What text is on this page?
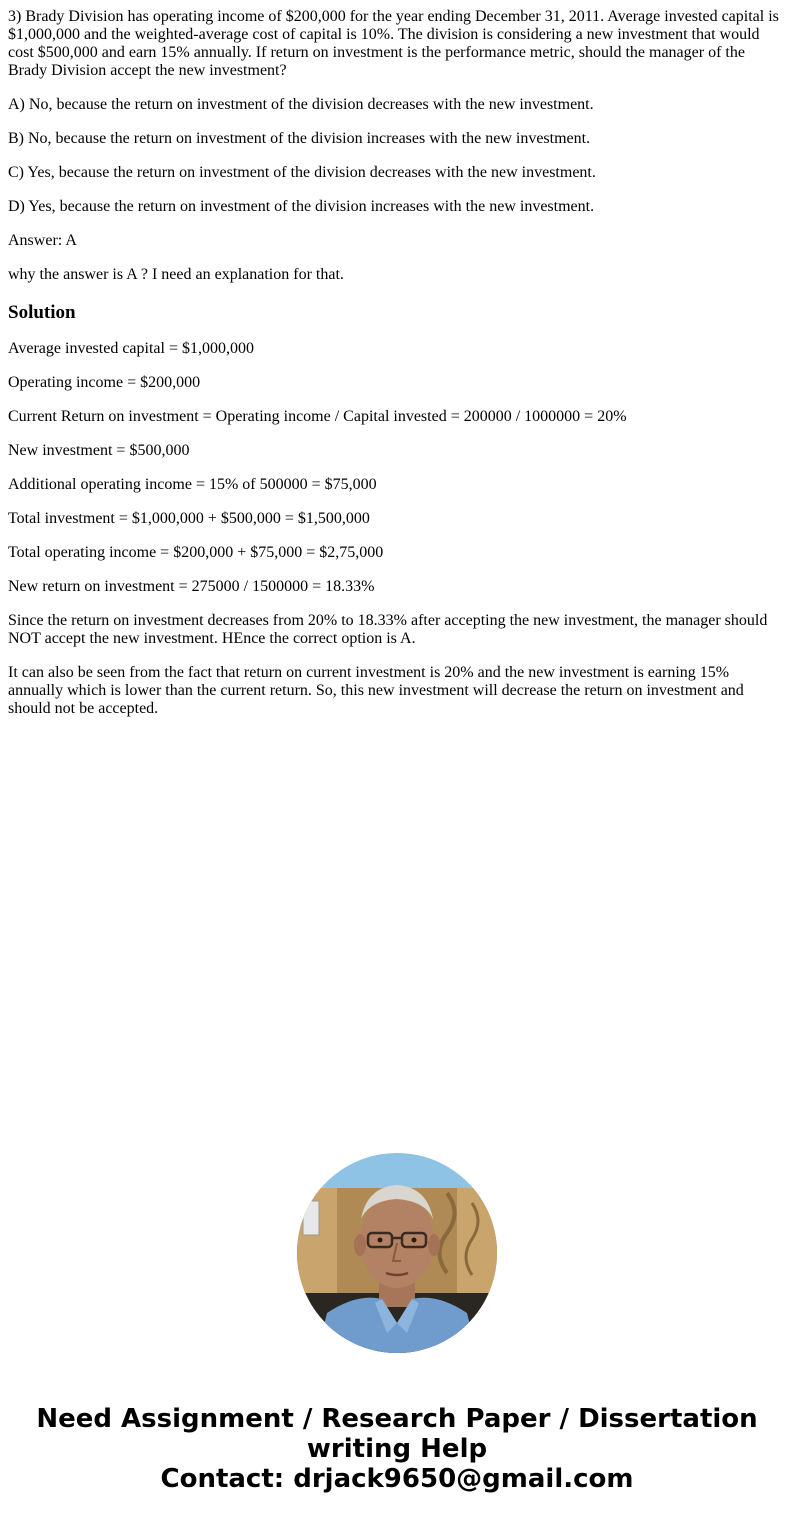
3) Brady Division has operating income of $200,000 for the year ending December 31, 2011. Average invested capital is $1,000,000 and the weighted-average cost of capital is 10%. The division is considering a new investment that would cost $500,000 and earn 15% annually. If return on investment is the performance metric, should the manager of the Brady Division accept the new investment?

A) No, because the return on investment of the division decreases with the new investment.

B) No, because the return on investment of the division increases with the new investment.

C) Yes, because the return on investment of the division decreases with the new investment.

D) Yes, because the return on investment of the division increases with the new investment.

Answer: A

why the answer is A ? I need an explanation for that.

Solution

Average invested capital = $1,000,000

Operating income = $200,000

Current Return on investment = Operating income / Capital invested = 200000 / 1000000 = 20%

New investment = $500,000

Additional operating income = 15% of 500000 = $75,000

Total investment = $1,000,000 + $500,000 = $1,500,000

Total operating income = $200,000 + $75,000 = $2,75,000

New return on investment = 275000 / 1500000 = 18.33%

Since the return on investment decreases from 20% to 18.33% after accepting the new investment, the manager should NOT accept the new investment. HEnce the correct option is A.

It can also be seen from the fact that return on current investment is 20% and the new investment is earning 15% annually which is lower than the current return. So, this new investment will decrease the return on investment and should not be accepted.

Need Assignment / Research Paper / Dissertation
writing Help
Contact: drjack9650@gmail.com
